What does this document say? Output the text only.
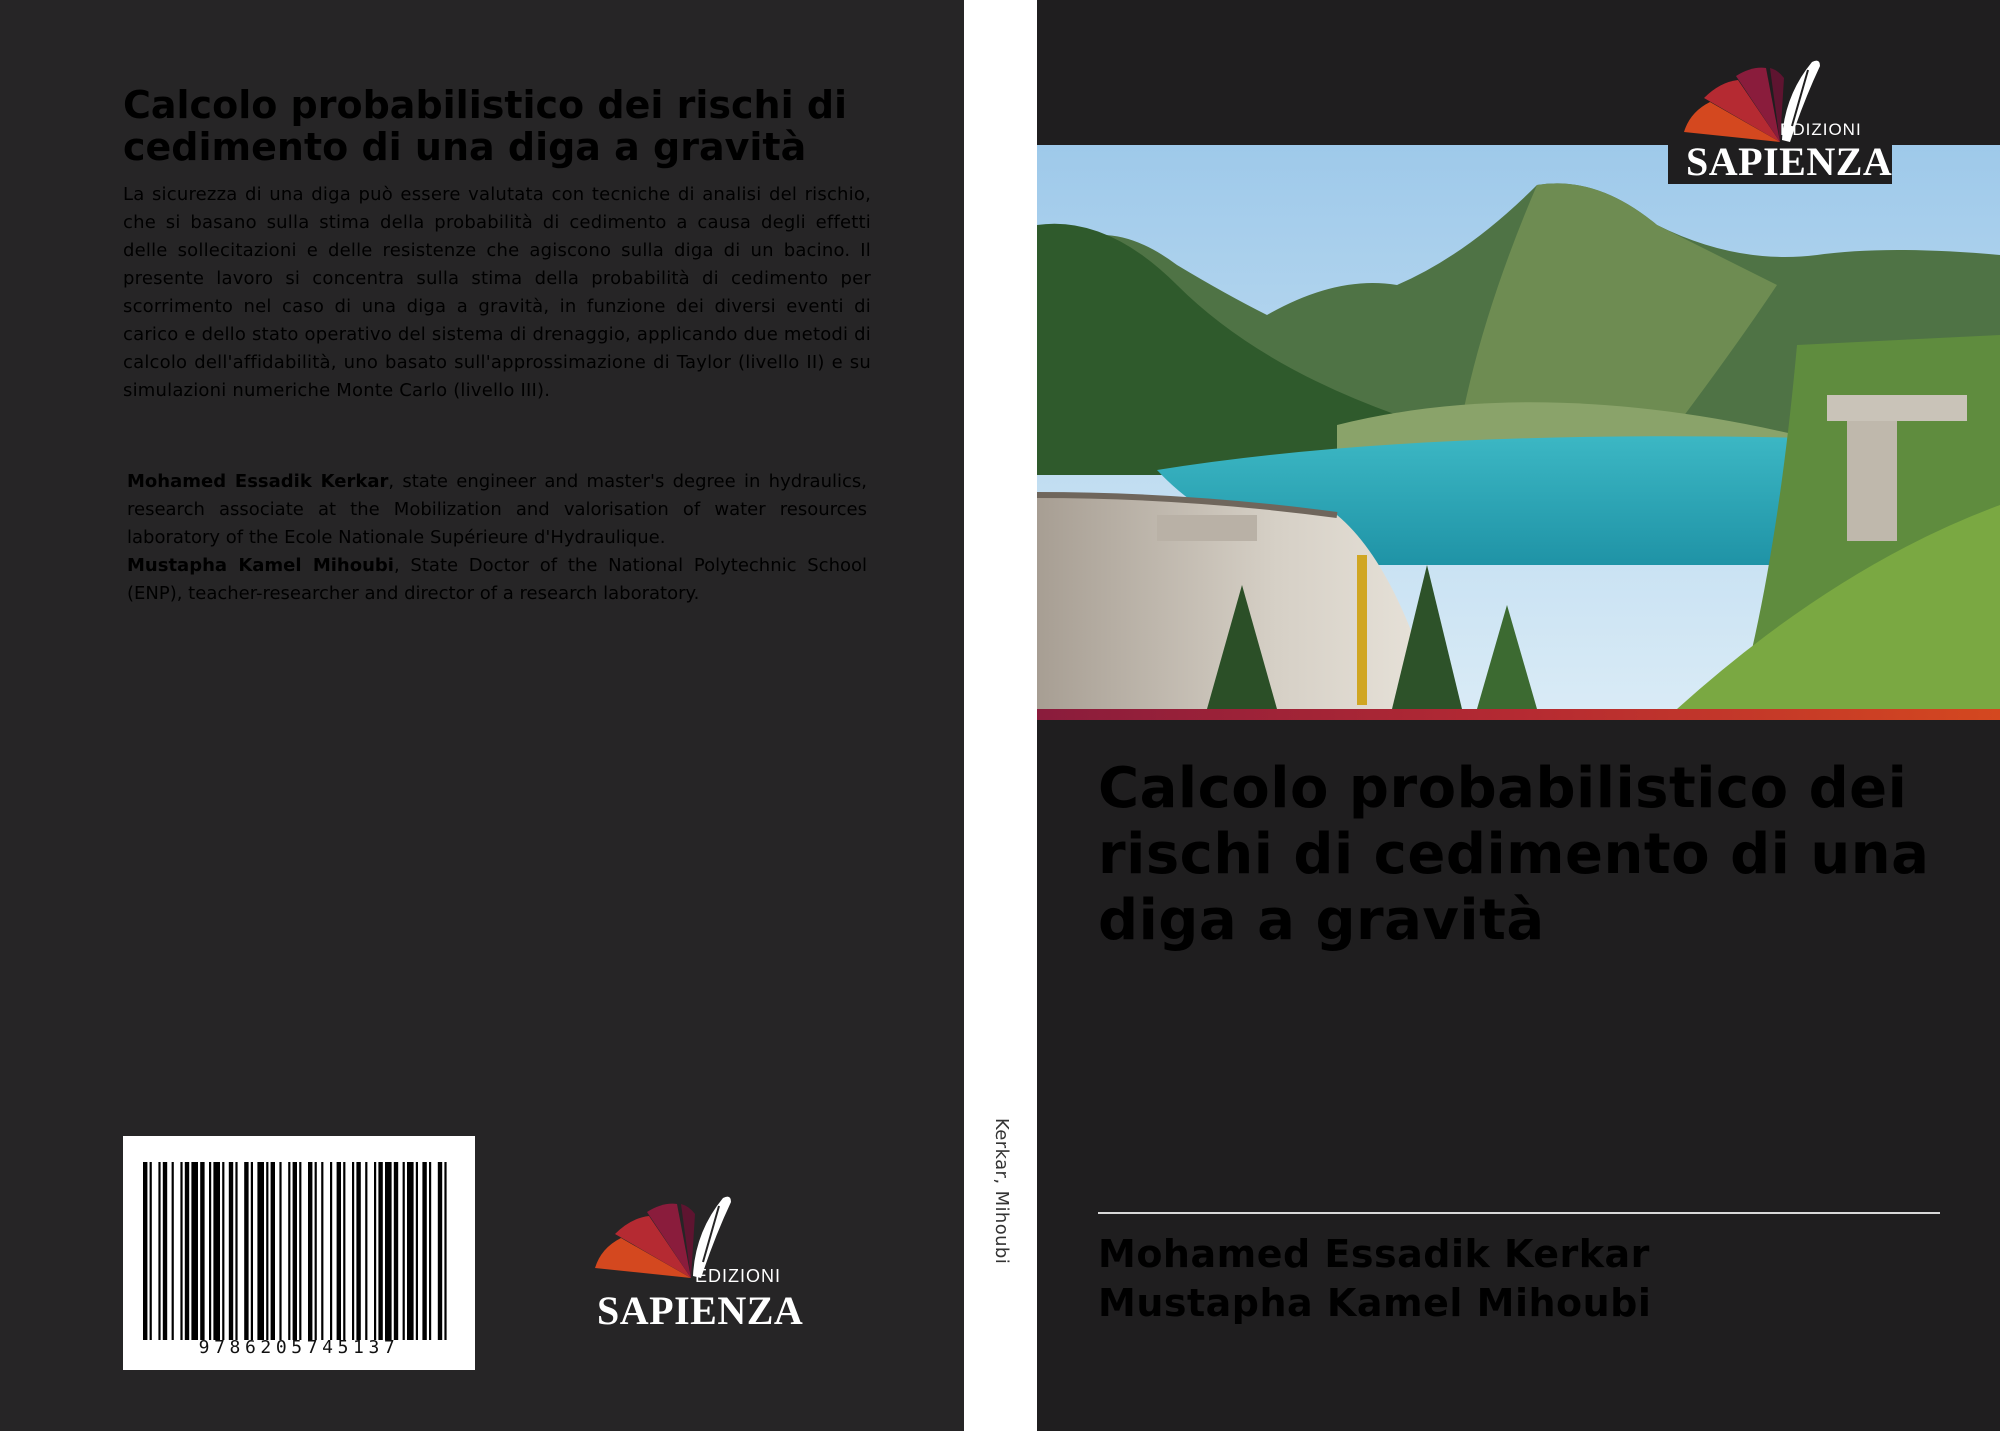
Calcolo probabilistico dei rischi di cedimento di una diga a gravità

La sicurezza di una diga può essere valutata con tecniche di analisi del rischio, che si basano sulla stima della probabilità di cedimento a causa degli effetti delle sollecitazioni e delle resistenze che agiscono sulla diga di un bacino. Il presente lavoro si concentra sulla stima della probabilità di cedimento per scorrimento nel caso di una diga a gravità, in funzione dei diversi eventi di carico e dello stato operativo del sistema di drenaggio, applicando due metodi di calcolo dell'affidabilità, uno basato sull'approssimazione di Taylor (livello II) e su simulazioni numeriche Monte Carlo (livello III).

Mohamed Essadik Kerkar, state engineer and master's degree in hydraulics, research associate at the Mobilization and valorisation of water resources laboratory of the Ecole Nationale Supérieure d'Hydraulique.

Mustapha Kamel Mihoubi, State Doctor of the National Polytechnic School (ENP), teacher-researcher and director of a research laboratory.

9786205745137
EDIZIONI
SAPIENZA
Kerkar, Mihoubi
EDIZIONI
SAPIENZA
Calcolo probabilistico dei rischi di cedimento di una diga a gravità
Mohamed Essadik Kerkar
Mustapha Kamel Mihoubi
